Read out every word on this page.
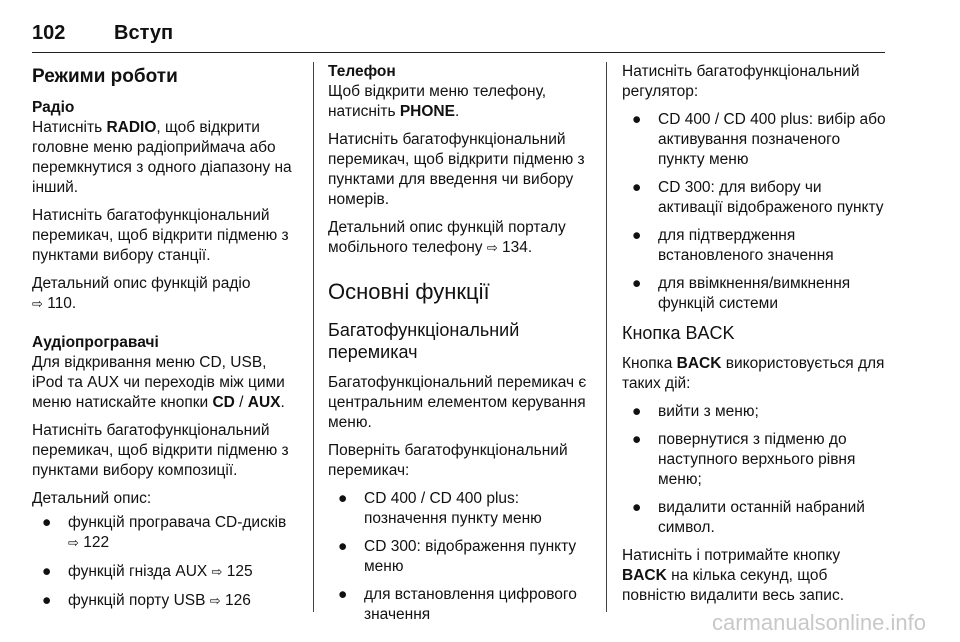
102 Вступ
Режими роботи
Радіо

Натисніть RADIO, щоб відкрити головне меню радіоприймача або перемкнутися з одного діапазону на інший.

Натисніть багатофункціональний перемикач, щоб відкрити підменю з пунктами вибору станції.

Детальний опис функцій радіо
⇨ 110.

Аудіопрогравачі

Для відкривання меню CD, USB, iPod та AUX чи переходів між цими меню натискайте кнопки CD / AUX.

Натисніть багатофункціональний перемикач, щоб відкрити підменю з пунктами вибору композиції.

Детальний опис:

● функцій програвача CD-дисків
⇨ 122
● функцій гнізда AUX ⇨ 125
● функцій порту USB ⇨ 126
Телефон

Щоб відкрити меню телефону, натисніть PHONE.

Натисніть багатофункціональний перемикач, щоб відкрити підменю з пунктами для введення чи вибору номерів.

Детальний опис функцій порталу мобільного телефону ⇨ 134.

Основні функції
Багатофункціональний перемикач

Багатофункціональний перемикач є центральним елементом керування меню.

Поверніть багатофункціональний перемикач:

● CD 400 / CD 400 plus: позначення пункту меню
● CD 300: відображення пункту меню
● для встановлення цифрового значення

Натисніть багатофункціональний регулятор:

● CD 400 / CD 400 plus: вибір або активування позначеного пункту меню
● CD 300: для вибору чи активації відображеного пункту
● для підтвердження встановленого значення
● для ввімкнення/вимкнення функцій системи
Кнопка BACK

Кнопка BACK використовується для таких дій:

● вийти з меню;
● повернутися з підменю до наступного верхнього рівня меню;
● видалити останній набраний символ.

Натисніть і потримайте кнопку BACK на кілька секунд, щоб повністю видалити весь запис.

carmanualsonline.info
